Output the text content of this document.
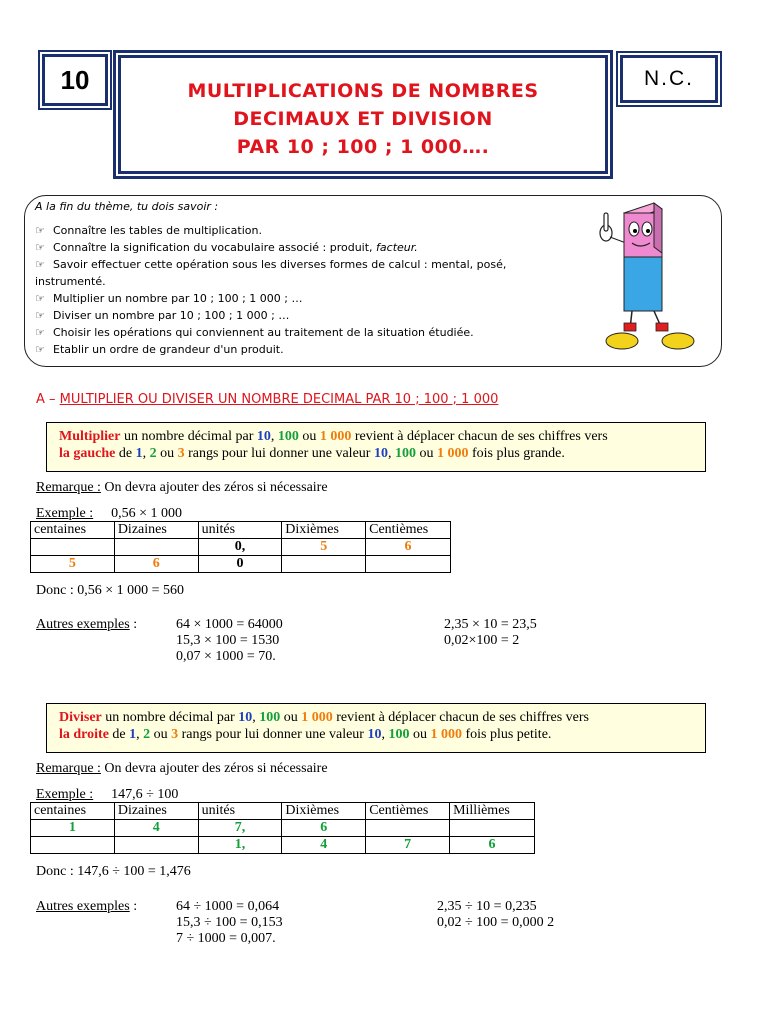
10	N.C.
MULTIPLICATIONS DE NOMBRES
DECIMAUX ET DIVISION
PAR 10 ; 100 ; 1 000….
A la fin du thème, tu dois savoir :
☞ Connaître les tables de multiplication.
☞ Connaître la signification du vocabulaire associé : produit, facteur.
☞ Savoir effectuer cette opération sous les diverses formes de calcul : mental, posé,
instrumenté.
☞ Multiplier un nombre par 10 ; 100 ; 1 000 ; …
☞ Diviser un nombre par 10 ; 100 ; 1 000 ; …
☞ Choisir les opérations qui conviennent au traitement de la situation étudiée.
☞ Etablir un ordre de grandeur d'un produit.
A – MULTIPLIER OU DIVISER UN NOMBRE DECIMAL PAR 10 ; 100 ; 1 000
Multiplier un nombre décimal par 10, 100 ou 1 000 revient à déplacer chacun de ses chiffres vers
la gauche de 1, 2 ou 3 rangs pour lui donner une valeur 10, 100 ou 1 000 fois plus grande.
Remarque : On devra ajouter des zéros si nécessaire
Exemple : 0,56 × 1 000
centaines	Dizaines	unités	Dixièmes	Centièmes
		0,	5	6
5	6	0		
Donc : 0,56 × 1 000 = 560
Autres exemples :	64 × 1000 = 64000
15,3 × 100 = 1530
0,07 × 1000 = 70.
2,35 × 10 = 23,5
0,02×100 = 2
Diviser un nombre décimal par 10, 100 ou 1 000 revient à déplacer chacun de ses chiffres vers
la droite de 1, 2 ou 3 rangs pour lui donner une valeur 10, 100 ou 1 000 fois plus petite.
Remarque : On devra ajouter des zéros si nécessaire
Exemple : 147,6 ÷ 100
centaines	Dizaines	unités	Dixièmes	Centièmes	Millièmes
1	4	7,	6		
		1,	4	7	6
Donc : 147,6 ÷ 100 = 1,476
Autres exemples :	64 ÷ 1000 = 0,064
15,3 ÷ 100 = 0,153
7 ÷ 1000 = 0,007.
2,35 ÷ 10 = 0,235
0,02 ÷ 100 = 0,000 2
